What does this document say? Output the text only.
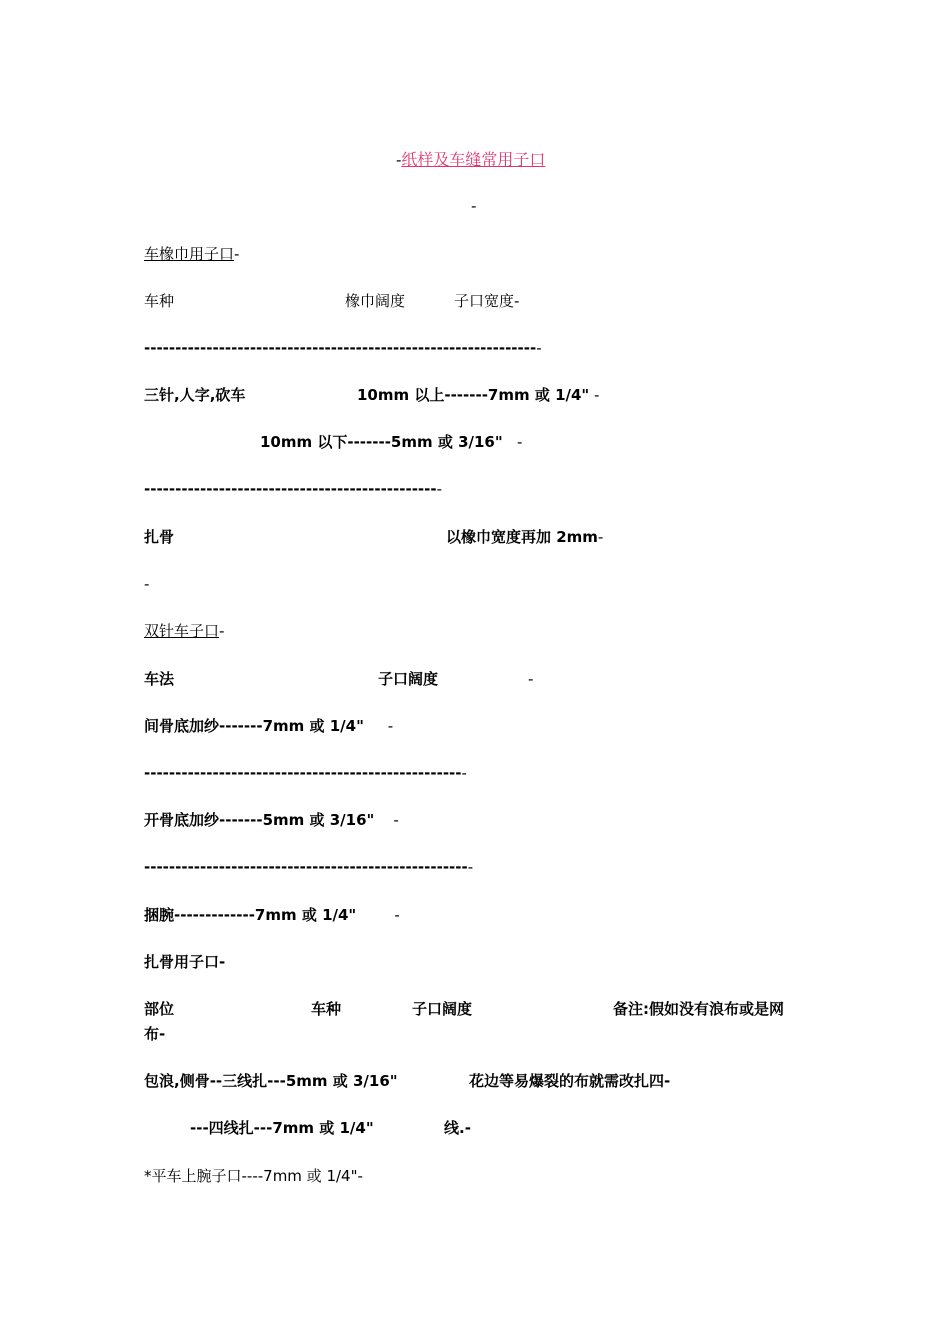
-纸样及车缝常用子口
-
车橡巾用子口-
车种	橡巾阔度	子口宽度-
----------------------------------------------------------------
三针,人字,砍车	10mm 以上-------7mm 或 1/4" -
10mm 以下-------5mm 或 3/16" -
------------------------------------------------
扎骨	以橡巾宽度再加 2mm-
-
双针车子口-
车法	子口阔度	-
间骨底加纱-------7mm 或 1/4" -
----------------------------------------------------
开骨底加纱-------5mm 或 3/16" -
-----------------------------------------------------
捆腕-------------7mm 或 1/4"	-
扎骨用子口-
部位	车种	子口阔度	备注:假如没有浪布或是网
布-
包浪,侧骨--三线扎---5mm 或 3/16"	花边等易爆裂的布就需改扎四-
---四线扎---7mm 或 1/4"	线.-
*平车上腕子口----7mm 或 1/4"-
